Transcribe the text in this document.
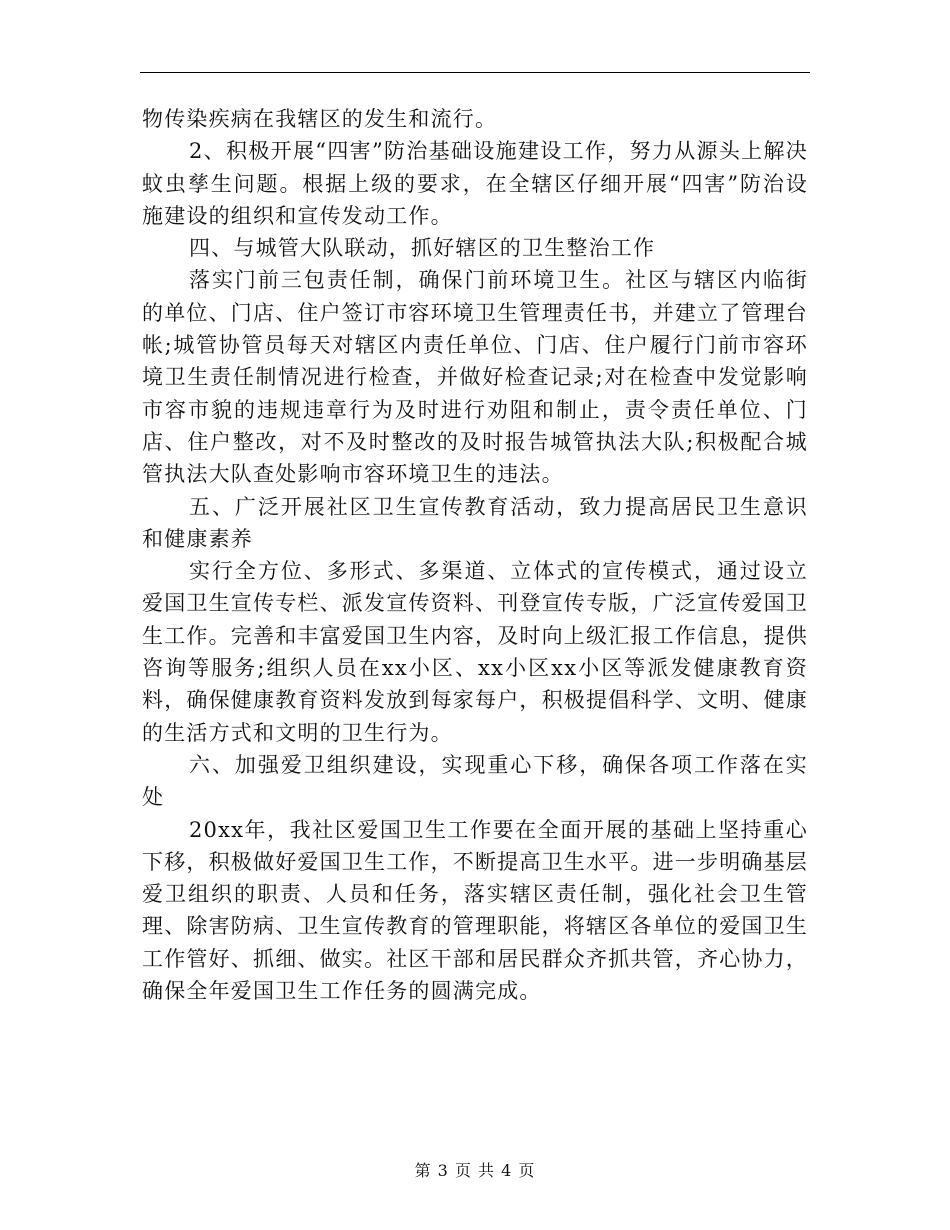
物传染疾病在我辖区的发生和流行。

2、积极开展“四害”防治基础设施建设工作，努力从源头上解决蚊虫孳生问题。根据上级的要求，在全辖区仔细开展“四害”防治设施建设的组织和宣传发动工作。

四、与城管大队联动，抓好辖区的卫生整治工作

落实门前三包责任制，确保门前环境卫生。社区与辖区内临街的单位、门店、住户签订市容环境卫生管理责任书，并建立了管理台帐;城管协管员每天对辖区内责任单位、门店、住户履行门前市容环境卫生责任制情况进行检查，并做好检查记录;对在检查中发觉影响市容市貌的违规违章行为及时进行劝阻和制止，责令责任单位、门店、住户整改，对不及时整改的及时报告城管执法大队;积极配合城管执法大队查处影响市容环境卫生的违法。

五、广泛开展社区卫生宣传教育活动，致力提高居民卫生意识和健康素养

实行全方位、多形式、多渠道、立体式的宣传模式，通过设立爱国卫生宣传专栏、派发宣传资料、刊登宣传专版，广泛宣传爱国卫生工作。完善和丰富爱国卫生内容，及时向上级汇报工作信息，提供咨询等服务;组织人员在xx小区、xx小区xx小区等派发健康教育资料，确保健康教育资料发放到每家每户，积极提倡科学、文明、健康的生活方式和文明的卫生行为。

六、加强爱卫组织建设，实现重心下移，确保各项工作落在实处

20xx年，我社区爱国卫生工作要在全面开展的基础上坚持重心下移，积极做好爱国卫生工作，不断提高卫生水平。进一步明确基层爱卫组织的职责、人员和任务，落实辖区责任制，强化社会卫生管理、除害防病、卫生宣传教育的管理职能，将辖区各单位的爱国卫生工作管好、抓细、做实。社区干部和居民群众齐抓共管，齐心协力，确保全年爱国卫生工作任务的圆满完成。

第 3 页 共 4 页
